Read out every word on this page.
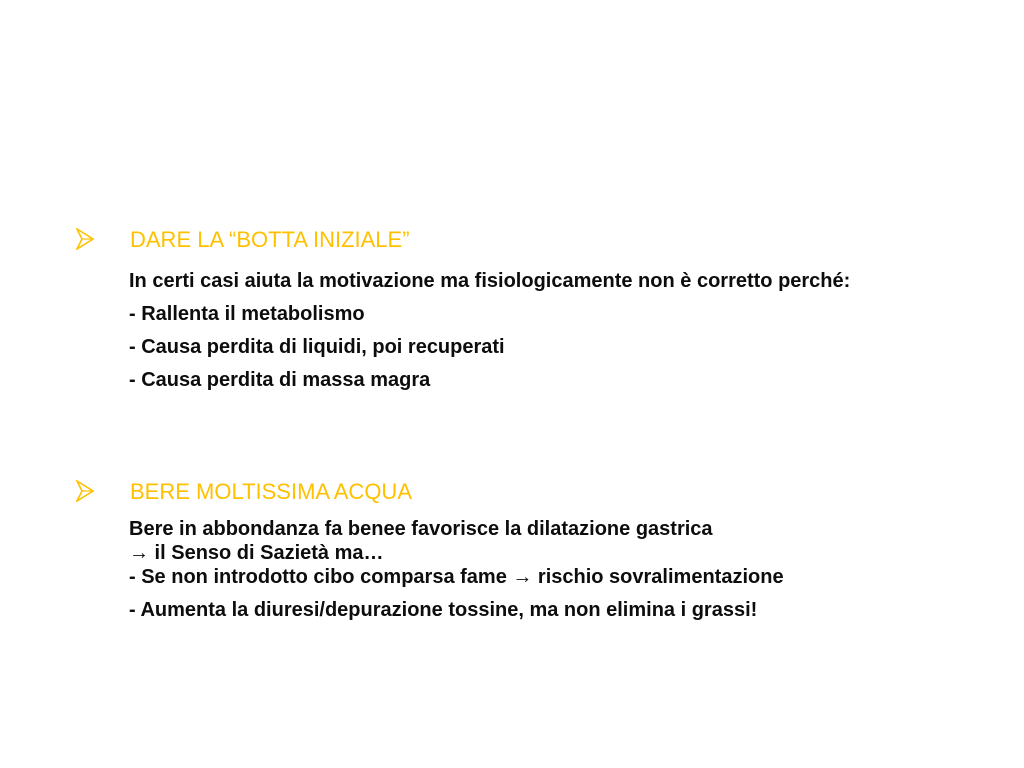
DARE LA “BOTTA INIZIALE”

In certi casi aiuta la motivazione ma fisiologicamente non è corretto perché:

- Rallenta il metabolismo

- Causa perdita di liquidi, poi recuperati

- Causa perdita di massa magra

BERE MOLTISSIMA ACQUA

Bere in abbondanza fa benee favorisce la dilatazione gastrica

→ il Senso di Sazietà ma…

- Se non introdotto cibo comparsa fame → rischio sovralimentazione

- Aumenta la diuresi/depurazione tossine, ma non elimina i grassi!
